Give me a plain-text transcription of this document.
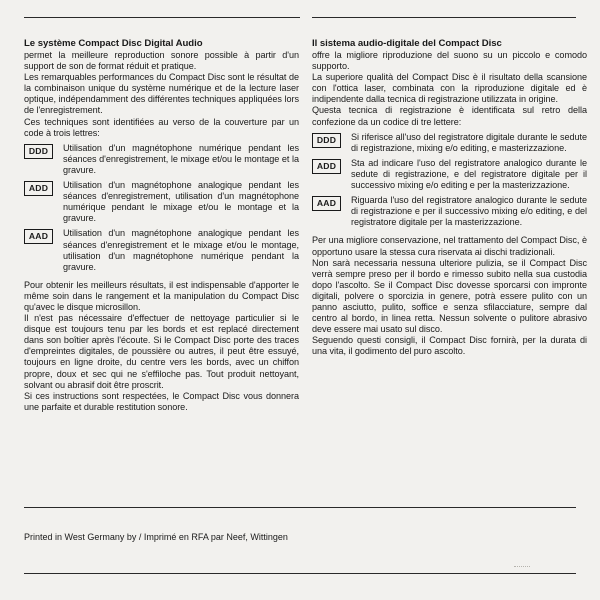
Le système Compact Disc Digital Audio

permet la meilleure reproduction sonore possible à partir d'un support de son de format réduit et pratique.

Les remarquables performances du Compact Disc sont le résultat de la combinaison unique du système numérique et de la lecture laser optique, indépendamment des différentes techniques appliquées lors de l'enregistrement.

Ces techniques sont identifiées au verso de la couverture par un code à trois lettres:

DDD	Utilisation d'un magnétophone numérique pendant les séances d'enregistrement, le mixage et/ou le montage et la gravure.
ADD	Utilisation d'un magnétophone analogique pendant les séances d'enregistrement, utilisation d'un magnétophone numérique pendant le mixage et/ou le montage et la gravure.
AAD	Utilisation d'un magnétophone analogique pendant les séances d'enregistrement et le mixage et/ou le montage, utilisation d'un magnétophone numérique pendant la gravure.

Pour obtenir les meilleurs résultats, il est indispensable d'apporter le même soin dans le rangement et la manipulation du Compact Disc qu'avec le disque microsillon.

Il n'est pas nécessaire d'effectuer de nettoyage particulier si le disque est toujours tenu par les bords et est replacé directement dans son boîtier après l'écoute. Si le Compact Disc porte des traces d'empreintes digitales, de poussière ou autres, il peut être essuyé, toujours en ligne droite, du centre vers les bords, avec un chiffon propre, doux et sec qui ne s'effiloche pas. Tout produit nettoyant, solvant ou abrasif doit être proscrit.

Si ces instructions sont respectées, le Compact Disc vous donnera une parfaite et durable restitution sonore.

Il sistema audio-digitale del Compact Disc

offre la migliore riproduzione del suono su un piccolo e comodo supporto.

La superiore qualità del Compact Disc è il risultato della scansione con l'ottica laser, combinata con la riproduzione digitale ed è indipendente dalla tecnica di registrazione utilizzata in origine.

Questa tecnica di registrazione è identificata sul retro della confezione da un codice di tre lettere:

DDD	Si riferisce all'uso del registratore digitale durante le sedute di registrazione, mixing e/o editing, e masterizzazione.
ADD	Sta ad indicare l'uso del registratore analogico durante le sedute di registrazione, e del registratore digitale per il successivo mixing e/o editing e per la masterizzazione.
AAD	Riguarda l'uso del registratore analogico durante le sedute di registrazione e per il successivo mixing e/o editing, e del registratore digitale per la masterizzazione.

Per una migliore conservazione, nel trattamento del Compact Disc, è opportuno usare la stessa cura riservata ai dischi tradizionali.

Non sarà necessaria nessuna ulteriore pulizia, se il Compact Disc verrà sempre preso per il bordo e rimesso subito nella sua custodia dopo l'ascolto. Se il Compact Disc dovesse sporcarsi con impronte digitali, polvere o sporcizia in genere, potrà essere pulito con un panno asciutto, pulito, soffice e senza sfilacciature, sempre dal centro al bordo, in linea retta. Nessun solvente o pulitore abrasivo deve essere mai usato sul disco.

Seguendo questi consigli, il Compact Disc fornirà, per la durata di una vita, il godimento del puro ascolto.

Printed in West Germany by / Imprimé en RFA par Neef, Wittingen
